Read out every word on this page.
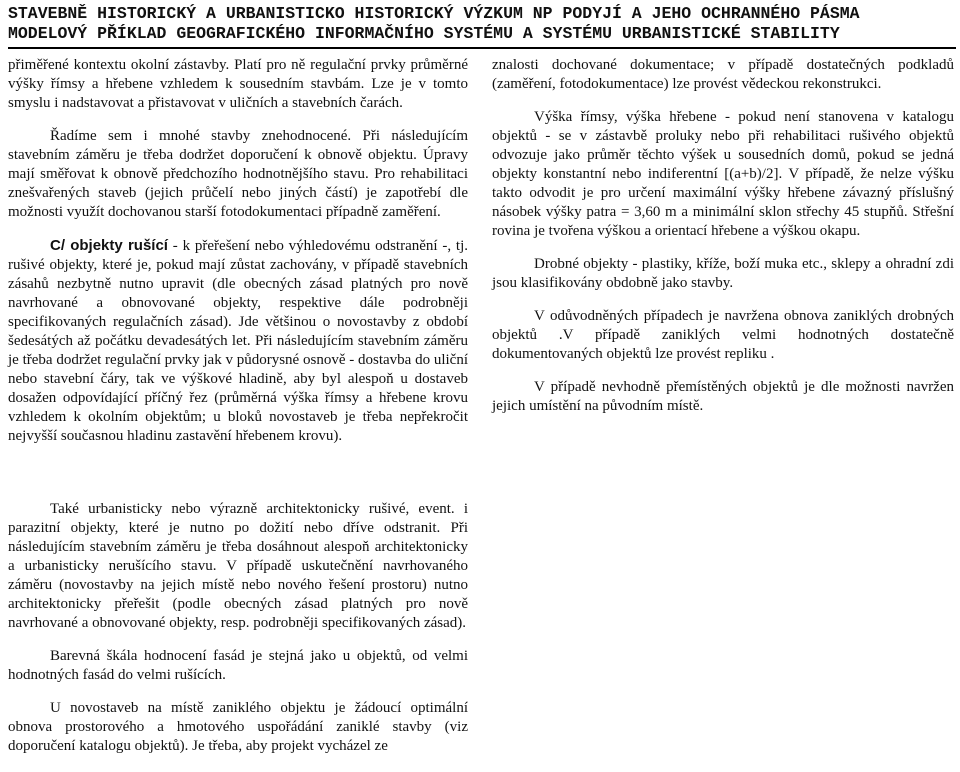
STAVEBNĚ HISTORICKÝ A URBANISTICKO HISTORICKÝ VÝZKUM NP PODYJÍ A JEHO OCHRANNÉHO PÁSMA
MODELOVÝ PŘÍKLAD GEOGRAFICKÉHO INFORMAČNÍHO SYSTÉMU A SYSTÉMU URBANISTICKÉ STABILITY

přiměřené kontextu okolní zástavby. Platí pro ně regulační prvky průměrné výšky římsy a hřebene vzhledem k sousedním stavbám. Lze je v tomto smyslu i nadstavovat a přistavovat v uličních a stavebních čarách.

Řadíme sem i mnohé stavby znehodnocené. Při následujícím stavebním záměru je třeba dodržet doporučení k obnově objektu. Úpravy mají směřovat k obnově předchozího hodnotnějšího stavu. Pro rehabilitaci znešvařených staveb (jejich průčelí nebo jiných částí) je zapotřebí dle možnosti využít dochovanou starší fotodokumentaci případně zaměření.

C/ objekty rušící - k přeřešení nebo výhledovému odstranění -, tj. rušivé objekty, které je, pokud mají zůstat zachovány, v případě stavebních zásahů nezbytně nutno upravit (dle obecných zásad platných pro nově navrhované a obnovované objekty, respektive dále podrobněji specifikovaných regulačních zásad). Jde většinou o novostavby z období šedesátých až počátku devadesátých let. Při následujícím stavebním záměru je třeba dodržet regulační prvky jak v půdorysné osnově - dostavba do uliční nebo stavební čáry, tak ve výškové hladině, aby byl alespoň u dostaveb dosažen odpovídající příčný řez (průměrná výška římsy a hřebene krovu vzhledem k okolním objektům; u bloků novostaveb je třeba nepřekročit nejvyšší současnou hladinu zastavění hřebenem krovu).

Také urbanisticky nebo výrazně architektonicky rušivé, event. i parazitní objekty, které je nutno po dožití nebo dříve odstranit. Při následujícím stavebním záměru je třeba dosáhnout alespoň architektonicky a urbanisticky nerušícího stavu. V případě uskutečnění navrhovaného záměru (novostavby na jejich místě nebo nového řešení prostoru) nutno architektonicky přeřešit (podle obecných zásad platných pro nově navrhované a obnovované objekty, resp. podrobněji specifikovaných zásad).

Barevná škála hodnocení fasád je stejná jako u objektů, od velmi hodnotných fasád do velmi rušících.

U novostaveb na místě zaniklého objektu je žádoucí optimální obnova prostorového a hmotového uspořádání zaniklé stavby (viz doporučení katalogu objektů). Je třeba, aby projekt vycházel ze

znalosti dochované dokumentace; v případě dostatečných podkladů (zaměření, fotodokumentace) lze provést vědeckou rekonstrukci.

Výška římsy, výška hřebene - pokud není stanovena v katalogu objektů - se v zástavbě proluky nebo při rehabilitaci rušivého objektů odvozuje jako průměr těchto výšek u sousedních domů, pokud se jedná objekty konstantní nebo indiferentní [(a+b)/2]. V případě, že nelze výšku takto odvodit je pro určení maximální výšky hřebene závazný příslušný násobek výšky patra = 3,60 m a minimální sklon střechy 45 stupňů. Střešní rovina je tvořena výškou a orientací hřebene a výškou okapu.

Drobné objekty - plastiky, kříže, boží muka etc., sklepy a ohradní zdi jsou klasifikovány obdobně jako stavby.

V odůvodněných případech je navržena obnova zaniklých drobných objektů .V případě zaniklých velmi hodnotných dostatečně dokumentovaných objektů lze provést repliku .

V případě nevhodně přemístěných objektů je dle možnosti navržen jejich umístění na původním místě.
